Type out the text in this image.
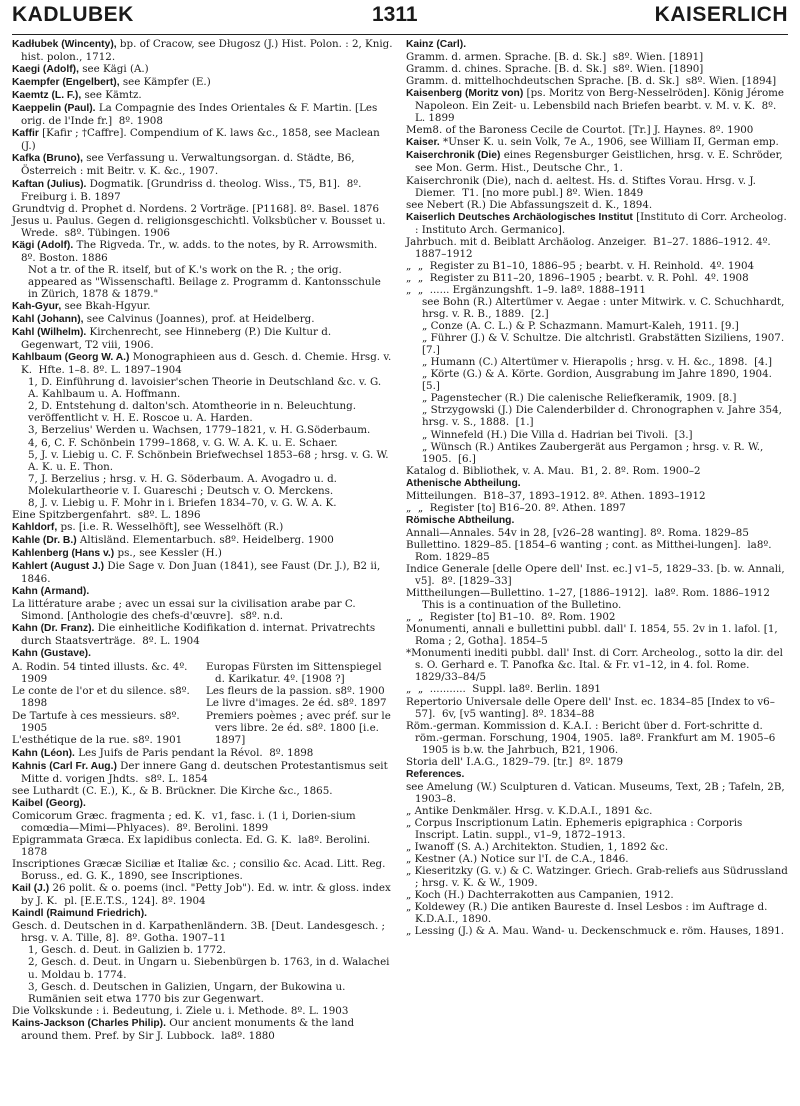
KADLUBEK	1311	KAISERLICH

Kadłubek (Wincenty), bp. of Cracow, see Długosz (J.) Hist. Polon. : 2, Knig. hist. polon., 1712.

Kaegi (Adolf), see Kägi (A.)

Kaempfer (Engelbert), see Kämpfer (E.)

Kaemtz (L. F.), see Kämtz.

Kaeppelin (Paul). La Compagnie des Indes Orientales & F. Martin. [Les orig. de l'Inde fr.]  8º. 1908

Kaffir [Kafir ; †Caffre]. Compendium of K. laws &c., 1858, see Maclean (J.)

Kafka (Bruno), see Verfassung u. Verwaltungsorgan. d. Städte, B6, Österreich : mit Beitr. v. K. &c., 1907.

Kaftan (Julius). Dogmatik. [Grundriss d. theolog. Wiss., T5, B1].  8º. Freiburg i. B. 1897

Grundtvig d. Prophet d. Nordens. 2 Vorträge. [P1168]. 8º. Basel. 1876

Jesus u. Paulus. Gegen d. religionsgeschichtl. Volksbücher v. Bousset u. Wrede.  s8º. Tübingen. 1906

Kägi (Adolf). The Rigveda. Tr., w. adds. to the notes, by R. Arrowsmith.  8º. Boston. 1886

Not a tr. of the R. itself, but of K.'s work on the R. ; the orig. appeared as "Wissenschaftl. Beilage z. Programm d. Kantonsschule in Zürich, 1878 & 1879."

Kah-Gyur, see Bkah-Hgyur.

Kahl (Johann), see Calvinus (Joannes), prof. at Heidelberg.

Kahl (Wilhelm). Kirchenrecht, see Hinneberg (P.) Die Kultur d. Gegenwart, T2 viii, 1906.

Kahlbaum (Georg W. A.) Monographieen aus d. Gesch. d. Chemie. Hrsg. v. K.  Hfte. 1–8. 8º. L. 1897–1904

1, D. Einführung d. lavoisier'schen Theorie in Deutschland &c. v. G. A. Kahlbaum u. A. Hoffmann.

2, D. Entstehung d. dalton'sch. Atomtheorie in n. Beleuchtung. veröffentlicht v. H. E. Roscoe u. A. Harden.

3, Berzelius' Werden u. Wachsen, 1779–1821, v. H. G.Söderbaum.

4, 6, C. F. Schönbein 1799–1868, v. G. W. A. K. u. E. Schaer.

5, J. v. Liebig u. C. F. Schönbein Briefwechsel 1853–68 ; hrsg. v. G. W. A. K. u. E. Thon.

7, J. Berzelius ; hrsg. v. H. G. Söderbaum. A. Avogadro u. d. Molekulartheorie v. I. Guareschi ; Deutsch v. O. Merckens.

8, J. v. Liebig u. F. Mohr in i. Briefen 1834–70, v. G. W. A. K.

Eine Spitzbergenfahrt.  s8º. L. 1896

Kahldorf, ps. [i.e. R. Wesselhöft], see Wesselhöft (R.)

Kahle (Dr. B.) Altisländ. Elementarbuch. s8º. Heidelberg. 1900

Kahlenberg (Hans v.) ps., see Kessler (H.)

Kahlert (August J.) Die Sage v. Don Juan (1841), see Faust (Dr. J.), B2 ii, 1846.

Kahn (Armand).

La littérature arabe ; avec un essai sur la civilisation arabe par C. Simond. [Anthologie des chefs-d'œuvre].  s8º. n.d.

Kahn (Dr. Franz). Die einheitliche Kodifikation d. internat. Privatrechts durch Staatsverträge.  8º. L. 1904

Kahn (Gustave).

A. Rodin. 54 tinted illusts. &c. 4º. 1909

Le conte de l'or et du silence. s8º. 1898

De Tartufe à ces messieurs. s8º. 1905

L'esthétique de la rue. s8º. 1901

Europas Fürsten im Sittenspiegel d. Karikatur. 4º. [1908 ?]

Les fleurs de la passion. s8º. 1900

Le livre d'images. 2e éd. s8º. 1897

Premiers poèmes ; avec préf. sur le vers libre. 2e éd. s8º. 1800 [i.e. 1897]

Kahn (Léon). Les Juifs de Paris pendant la Révol.  8º. 1898

Kahnis (Carl Fr. Aug.) Der innere Gang d. deutschen Protestantismus seit Mitte d. vorigen Jhdts.  s8º. L. 1854

see Luthardt (C. E.), K., & B. Brückner. Die Kirche &c., 1865.

Kaibel (Georg).

Comicorum Græc. fragmenta ; ed. K.  v1, fasc. i. (1 i, Dorien-sium comœdia—Mimi—Phlyaces).  8º. Berolini. 1899

Epigrammata Græca. Ex lapidibus conlecta. Ed. G. K.  la8º. Berolini. 1878

Inscriptiones Græcæ Siciliæ et Italiæ &c. ; consilio &c. Acad. Litt. Reg. Boruss., ed. G. K., 1890, see Inscriptiones.

Kail (J.) 26 polit. & o. poems (incl. "Petty Job"). Ed. w. intr. & gloss. index by J. K.  pl. [E.E.T.S., 124]. 8º. 1904

Kaindl (Raimund Friedrich).

Gesch. d. Deutschen in d. Karpathenländern. 3B. [Deut. Landesgesch. ; hrsg. v. A. Tille, 8].  8º. Gotha. 1907–11

1, Gesch. d. Deut. in Galizien b. 1772.

2, Gesch. d. Deut. in Ungarn u. Siebenbürgen b. 1763, in d. Walachei u. Moldau b. 1774.

3, Gesch. d. Deutschen in Galizien, Ungarn, der Bukowina u. Rumänien seit etwa 1770 bis zur Gegenwart.

Die Volkskunde : i. Bedeutung, i. Ziele u. i. Methode. 8º. L. 1903

Kains-Jackson (Charles Philip). Our ancient monuments & the land around them. Pref. by Sir J. Lubbock.  la8º. 1880

Kainz (Carl).

Gramm. d. armen. Sprache. [B. d. Sk.]  s8º. Wien. [1891]

Gramm. d. chines. Sprache. [B. d. Sk.]  s8º. Wien. [1890]

Gramm. d. mittelhochdeutschen Sprache. [B. d. Sk.]  s8º. Wien. [1894]

Kaisenberg (Moritz von) [ps. Moritz von Berg-Nesselröden]. König Jérome Napoleon. Ein Zeit- u. Lebensbild nach Briefen bearbt. v. M. v. K.  8º. L. 1899

Mem8. of the Baroness Cecile de Courtot. [Tr.] J. Haynes. 8º. 1900

Kaiser. *Unser K. u. sein Volk, 7e A., 1906, see William II, German emp.

Kaiserchronik (Die) eines Regensburger Geistlichen, hrsg. v. E. Schröder, see Mon. Germ. Hist., Deutsche Chr., 1.

Kaiserchronik (Die), nach d. aeltest. Hs. d. Stiftes Vorau. Hrsg. v. J. Diemer.  T1. [no more publ.] 8º. Wien. 1849

see Nebert (R.) Die Abfassungszeit d. K., 1894.

Kaiserlich Deutsches Archäologisches Institut [Instituto di Corr. Archeolog. : Instituto Arch. Germanico].

Jahrbuch. mit d. Beiblatt Archäolog. Anzeiger.  B1–27. 1886–1912. 4º. 1887–1912

„  „  Register zu B1–10, 1886–95 ; bearbt. v. H. Reinhold.  4º. 1904

„  „  Register zu B11–20, 1896–1905 ; bearbt. v. R. Pohl.  4º. 1908

„  „  ...... Ergänzungshft. 1–9. la8º. 1888–1911

see Bohn (R.) Altertümer v. Aegae : unter Mitwirk. v. C. Schuchhardt, hrsg. v. R. B., 1889.  [2.]

„ Conze (A. C. L.) & P. Schazmann. Mamurt-Kaleh, 1911. [9.]

„ Führer (J.) & V. Schultze. Die altchristl. Grabstätten Siziliens, 1907.  [7.]

„ Humann (C.) Altertümer v. Hierapolis ; hrsg. v. H. &c., 1898.  [4.]

„ Körte (G.) & A. Körte. Gordion, Ausgrabung im Jahre 1890, 1904.  [5.]

„ Pagenstecher (R.) Die calenische Reliefkeramik, 1909. [8.]

„ Strzygowski (J.) Die Calenderbilder d. Chronographen v. Jahre 354, hrsg. v. S., 1888.  [1.]

„ Winnefeld (H.) Die Villa d. Hadrian bei Tivoli.  [3.]

„ Wünsch (R.) Antikes Zaubergerät aus Pergamon ; hrsg. v. R. W., 1905.  [6.]

Katalog d. Bibliothek, v. A. Mau.  B1, 2. 8º. Rom. 1900–2

Athenische Abtheilung.

Mitteilungen.  B18–37, 1893–1912. 8º. Athen. 1893–1912

„  „  Register [to] B16–20. 8º. Athen. 1897

Römische Abtheilung.

Annali—Annales. 54v in 28, [v26–28 wanting]. 8º. Roma. 1829–85

Bullettino. 1829–85. [1854–6 wanting ; cont. as Mitthei-lungen].  la8º. Rom. 1829–85

Indice Generale [delle Opere dell' Inst. ec.] v1–5, 1829–33. [b. w. Annali, v5].  8º. [1829–33]

Mittheilungen—Bullettino. 1–27, [1886–1912].  la8º. Rom. 1886–1912

This is a continuation of the Bulletino.

„  „  Register [to] B1–10.  8º. Rom. 1902

Monumenti, annali e bullettini pubbl. dall' I. 1854, 55. 2v in 1. lafol. [1, Roma ; 2, Gotha]. 1854–5

*Monumenti inediti pubbl. dall' Inst. di Corr. Archeolog., sotto la dir. del s. O. Gerhard e. T. Panofka &c. Ital. & Fr. v1–12, in 4. fol. Rome. 1829/33–84/5

„  „  ...........  Suppl. la8º. Berlin. 1891

Repertorio Universale delle Opere dell' Inst. ec. 1834–85 [Index to v6–57].  6v, [v5 wanting]. 8º. 1834–88

Röm.-german. Kommission d. K.A.I. : Bericht über d. Fort-schritte d. röm.-german. Forschung, 1904, 1905.  la8º. Frankfurt am M. 1905–6

1905 is b.w. the Jahrbuch, B21, 1906.

Storia dell' I.A.G., 1829–79. [tr.]  8º. 1879

References.

see Amelung (W.) Sculpturen d. Vatican. Museums, Text, 2B ; Tafeln, 2B, 1903–8.

„ Antike Denkmäler. Hrsg. v. K.D.A.I., 1891 &c.

„ Corpus Inscriptionum Latin. Ephemeris epigraphica : Corporis Inscript. Latin. suppl., v1–9, 1872–1913.

„ Iwanoff (S. A.) Architekton. Studien, 1, 1892 &c.

„ Kestner (A.) Notice sur l'I. de C.A., 1846.

„ Kieseritzky (G. v.) & C. Watzinger. Griech. Grab-reliefs aus Südrussland ; hrsg. v. K. & W., 1909.

„ Koch (H.) Dachterrakotten aus Campanien, 1912.

„ Koldewey (R.) Die antiken Baureste d. Insel Lesbos : im Auftrage d. K.D.A.I., 1890.

„ Lessing (J.) & A. Mau. Wand- u. Deckenschmuck e. röm. Hauses, 1891.
